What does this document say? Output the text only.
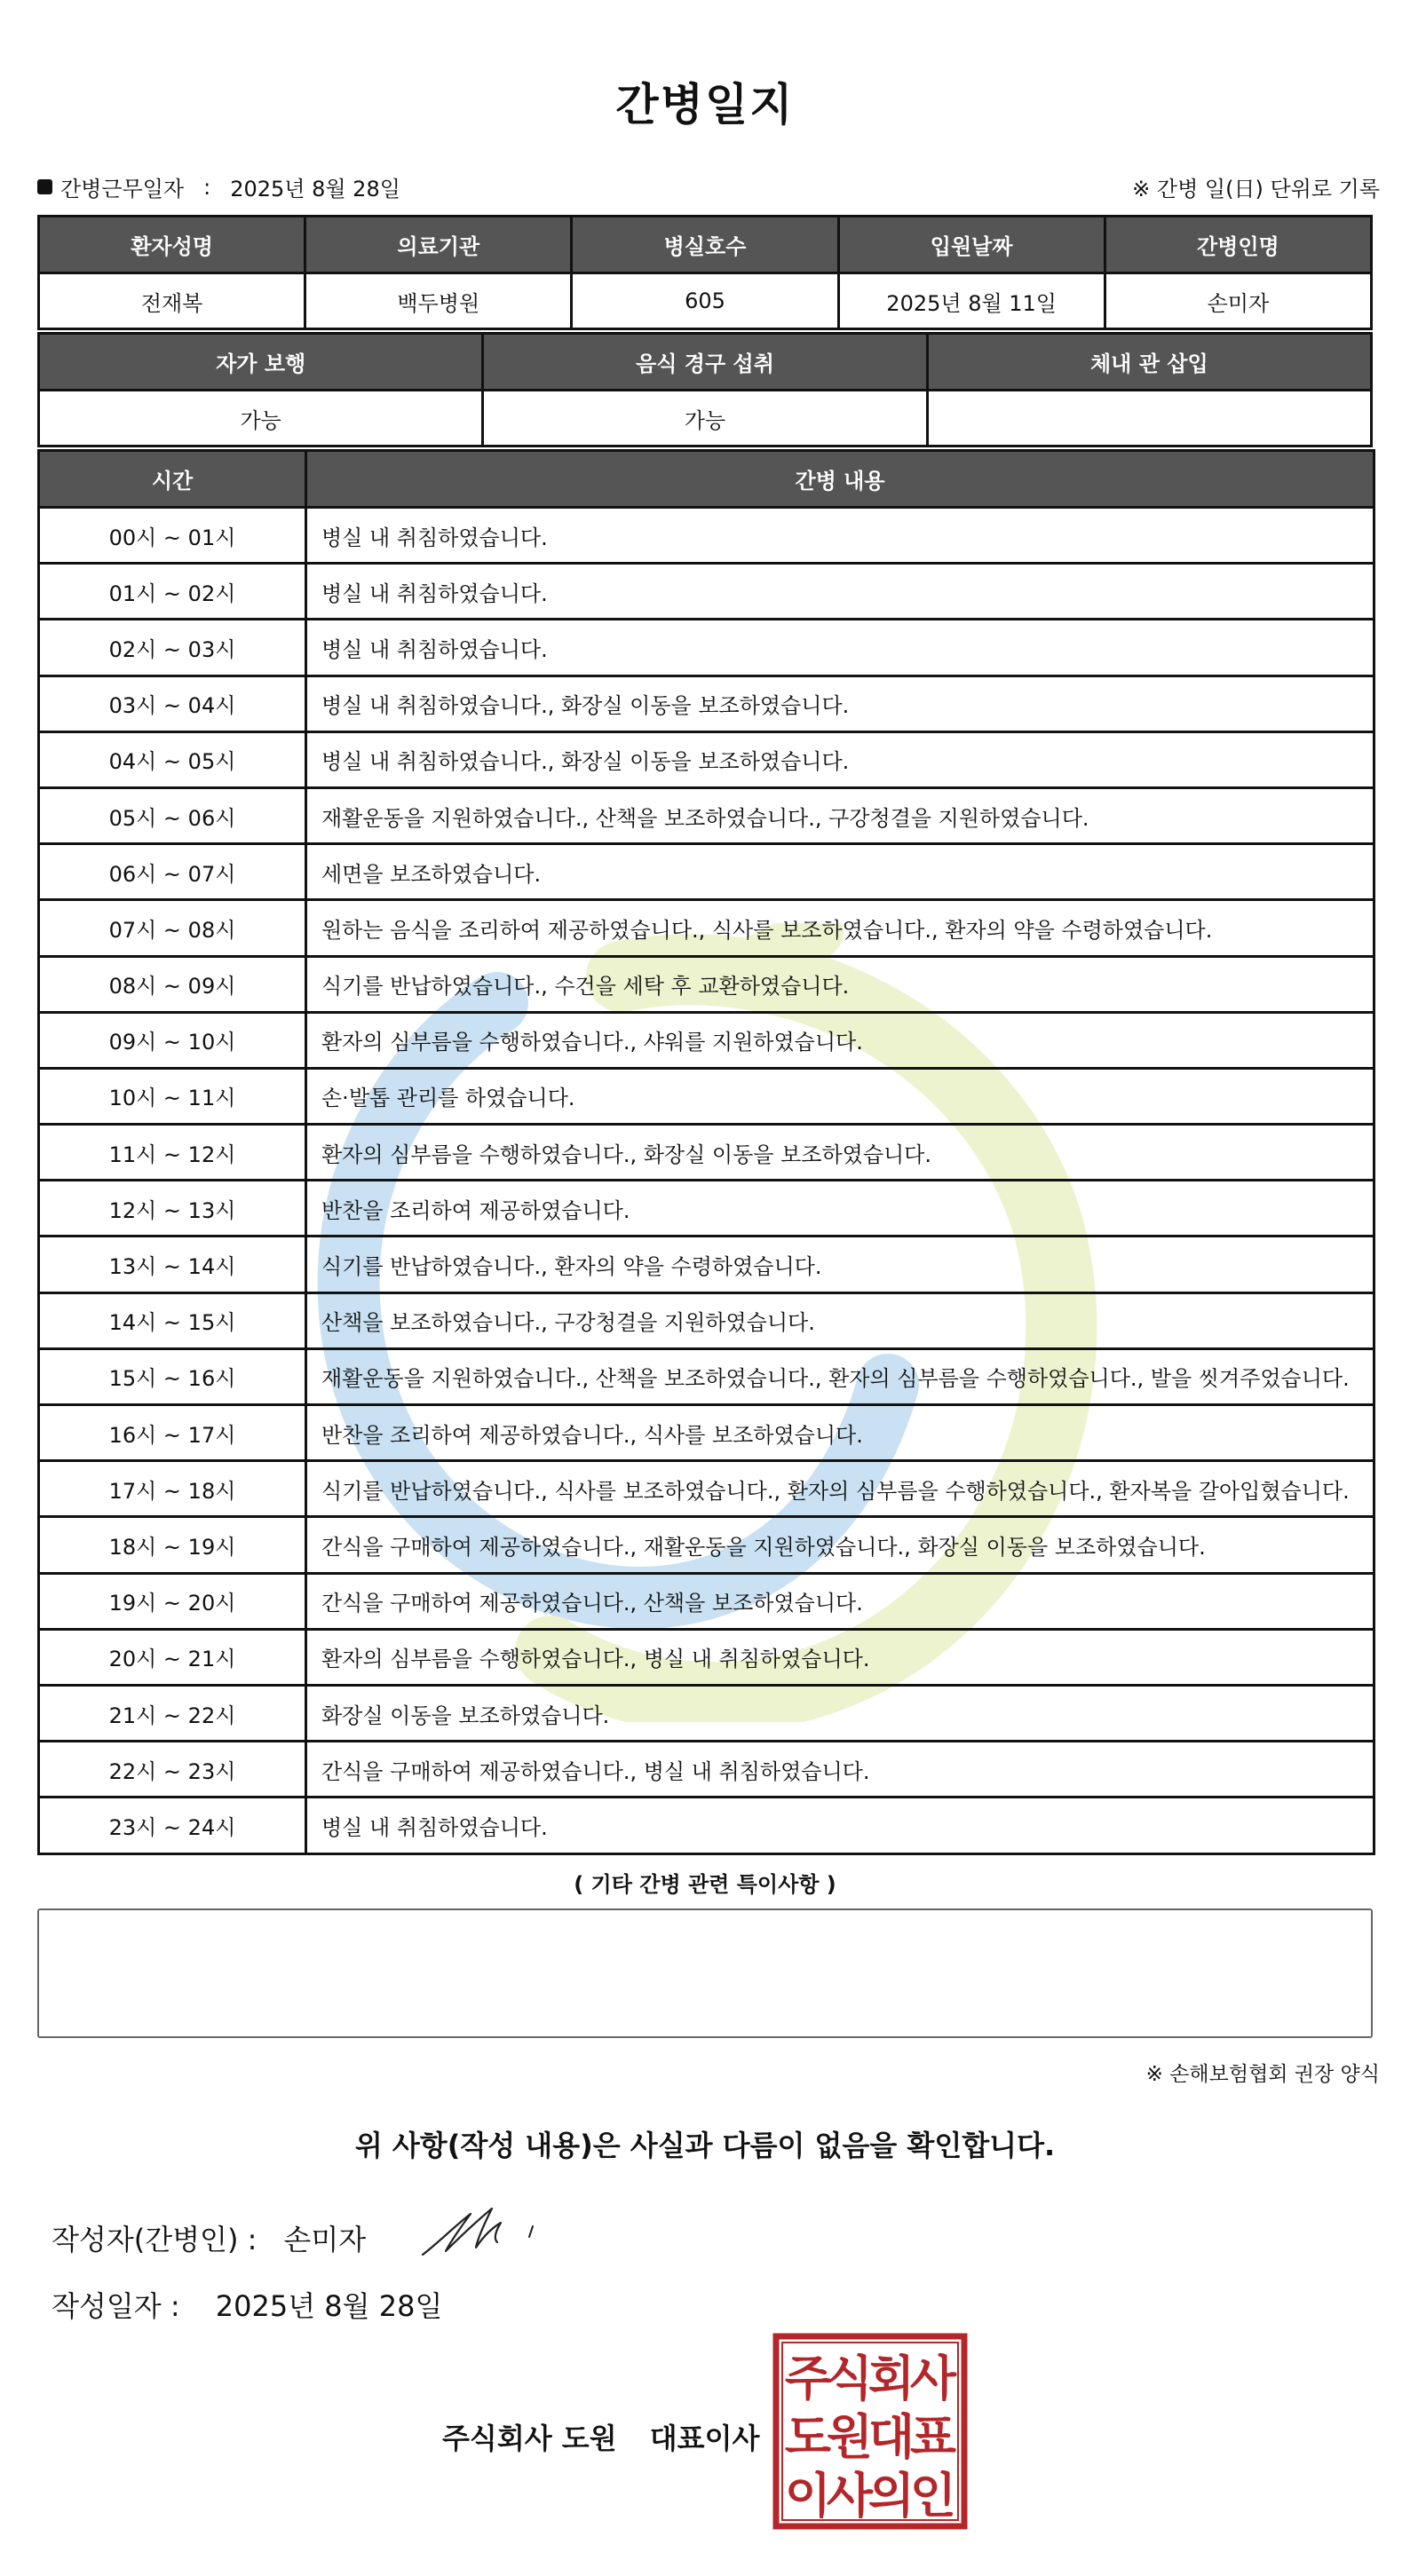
간병일지
간병근무일자 : 2025년 8월 28일	※ 간병 일(日) 단위로 기록
환자성명	의료기관	병실호수	입원날짜	간병인명
전재복	백두병원	605	2025년 8월 11일	손미자
자가 보행	음식 경구 섭취	체내 관 삽입
가능	가능	
시간	간병 내용
00시 ~ 01시	병실 내 취침하였습니다.
01시 ~ 02시	병실 내 취침하였습니다.
02시 ~ 03시	병실 내 취침하였습니다.
03시 ~ 04시	병실 내 취침하였습니다., 화장실 이동을 보조하였습니다.
04시 ~ 05시	병실 내 취침하였습니다., 화장실 이동을 보조하였습니다.
05시 ~ 06시	재활운동을 지원하였습니다., 산책을 보조하였습니다., 구강청결을 지원하였습니다.
06시 ~ 07시	세면을 보조하였습니다.
07시 ~ 08시	원하는 음식을 조리하여 제공하였습니다., 식사를 보조하였습니다., 환자의 약을 수령하였습니다.
08시 ~ 09시	식기를 반납하였습니다., 수건을 세탁 후 교환하였습니다.
09시 ~ 10시	환자의 심부름을 수행하였습니다., 샤워를 지원하였습니다.
10시 ~ 11시	손·발톱 관리를 하였습니다.
11시 ~ 12시	환자의 심부름을 수행하였습니다., 화장실 이동을 보조하였습니다.
12시 ~ 13시	반찬을 조리하여 제공하였습니다.
13시 ~ 14시	식기를 반납하였습니다., 환자의 약을 수령하였습니다.
14시 ~ 15시	산책을 보조하였습니다., 구강청결을 지원하였습니다.
15시 ~ 16시	재활운동을 지원하였습니다., 산책을 보조하였습니다., 환자의 심부름을 수행하였습니다., 발을 씻겨주었습니다.
16시 ~ 17시	반찬을 조리하여 제공하였습니다., 식사를 보조하였습니다.
17시 ~ 18시	식기를 반납하였습니다., 식사를 보조하였습니다., 환자의 심부름을 수행하였습니다., 환자복을 갈아입혔습니다.
18시 ~ 19시	간식을 구매하여 제공하였습니다., 재활운동을 지원하였습니다., 화장실 이동을 보조하였습니다.
19시 ~ 20시	간식을 구매하여 제공하였습니다., 산책을 보조하였습니다.
20시 ~ 21시	환자의 심부름을 수행하였습니다., 병실 내 취침하였습니다.
21시 ~ 22시	화장실 이동을 보조하였습니다.
22시 ~ 23시	간식을 구매하여 제공하였습니다., 병실 내 취침하였습니다.
23시 ~ 24시	병실 내 취침하였습니다.
( 기타 간병 관련 특이사항 )
※ 손해보험협회 권장 양식
위 사항(작성 내용)은 사실과 다름이 없음을 확인합니다.
작성자(간병인) : 손미자
작성일자 : 2025년 8월 28일
주식회사 도원 대표이사
주
식
회
사
도
원
대
표
이
사
의
인
